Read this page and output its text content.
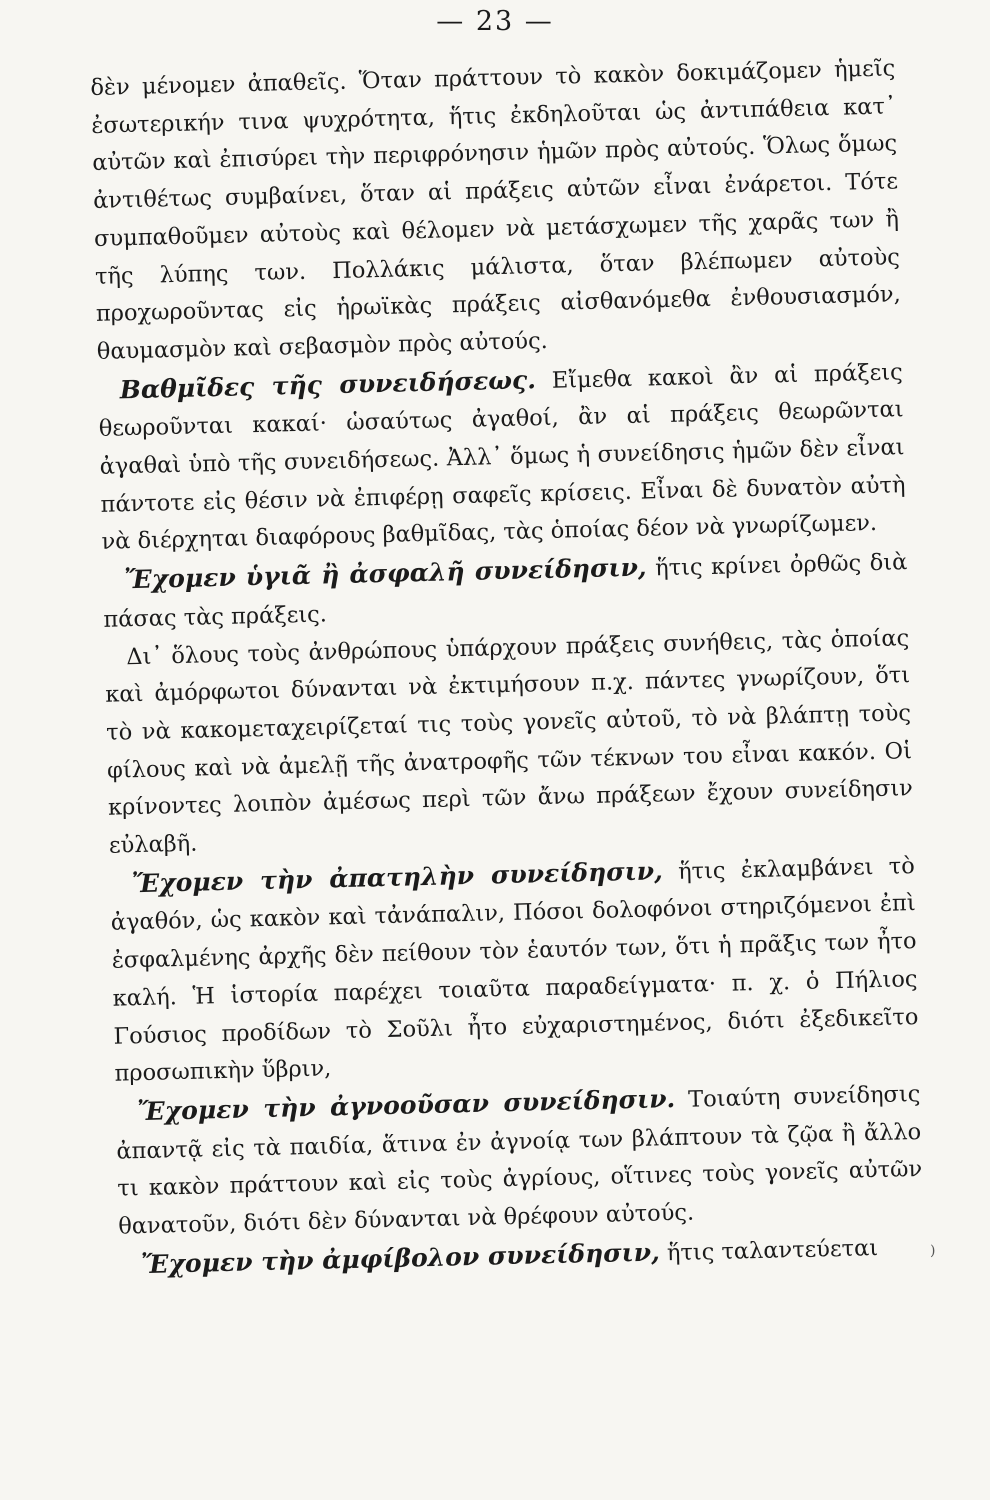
— 23 —

δὲν μένομεν ἀπαθεῖς. Ὅταν πράττουν τὸ κακὸν δοκιμάζομεν ἡμεῖς ἐσωτερικήν τινα ψυχρότητα, ἥτις ἐκδηλοῦται ὡς ἀντιπάθεια κατ᾽ αὐτῶν καὶ ἐπισύρει τὴν περιφρόνησιν ἡμῶν πρὸς αὐτούς. Ὅλως ὅμως ἀντιθέτως συμβαίνει, ὅταν αἱ πράξεις αὐτῶν εἶναι ἐνάρετοι. Τότε συμπαθοῦμεν αὐτοὺς καὶ θέλομεν νὰ μετάσχωμεν τῆς χαρᾶς των ἢ τῆς λύπης των. Πολλάκις μάλιστα, ὅταν βλέπωμεν αὐτοὺς προχωροῦντας εἰς ἡρωϊκὰς πράξεις αἰσθανόμεθα ἐνθουσιασμόν, θαυμασμὸν καὶ σεβασμὸν πρὸς αὐτούς.

Βαθμῖδες τῆς συνειδήσεως. Εἴμεθα κακοὶ ἂν αἱ πράξεις θεωροῦνται κακαί· ὡσαύτως ἀγαθοί, ἂν αἱ πράξεις θεωρῶνται ἀγαθαὶ ὑπὸ τῆς συνειδήσεως. Ἀλλ᾽ ὅμως ἡ συνείδησις ἡμῶν δὲν εἶναι πάντοτε εἰς θέσιν νὰ ἐπιφέρῃ σαφεῖς κρίσεις. Εἶναι δὲ δυνατὸν αὐτὴ νὰ διέρχηται διαφόρους βαθμῖδας, τὰς ὁποίας δέον νὰ γνωρίζωμεν.

Ἔχομεν ὑγιᾶ ἢ ἀσφαλῆ συνείδησιν, ἥτις κρίνει ὀρθῶς διὰ πάσας τὰς πράξεις.

Δι᾽ ὅλους τοὺς ἀνθρώπους ὑπάρχουν πράξεις συνήθεις, τὰς ὁποίας καὶ ἀμόρφωτοι δύνανται νὰ ἐκτιμήσουν π.χ. πάντες γνωρίζουν, ὅτι τὸ νὰ κακομεταχειρίζεταί τις τοὺς γονεῖς αὐτοῦ, τὸ νὰ βλάπτῃ τοὺς φίλους καὶ νὰ ἀμελῇ τῆς ἀνατροφῆς τῶν τέκνων του εἶναι κακόν. Οἱ κρίνοντες λοιπὸν ἀμέσως περὶ τῶν ἄνω πράξεων ἔχουν συνείδησιν εὐλαβῆ.

Ἔχομεν τὴν ἀπατηλὴν συνείδησιν, ἥτις ἐκλαμβάνει τὸ ἀγαθόν, ὡς κακὸν καὶ τἀνάπαλιν, Πόσοι δολοφόνοι στηριζόμενοι ἐπὶ ἐσφαλμένης ἀρχῆς δὲν πείθουν τὸν ἑαυτόν των, ὅτι ἡ πρᾶξις των ἦτο καλή. Ἡ ἱστορία παρέχει τοιαῦτα παραδείγματα· π. χ. ὁ Πήλιος Γούσιος προδίδων τὸ Σοῦλι ἦτο εὐχαριστημένος, διότι ἐξεδικεῖτο προσωπικὴν ὕβριν,

Ἔχομεν τὴν ἀγνοοῦσαν συνείδησιν. Τοιαύτη συνείδησις ἀπαντᾷ εἰς τὰ παιδία, ἅτινα ἐν ἀγνοίᾳ των βλάπτουν τὰ ζῷα ἢ ἄλλο τι κακὸν πράττουν καὶ εἰς τοὺς ἀγρίους, οἵτινες τοὺς γονεῖς αὐτῶν θανατοῦν, διότι δὲν δύνανται νὰ θρέφουν αὐτούς.

Ἔχομεν τὴν ἀμφίβολον συνείδησιν, ἥτις ταλαντεύεται	)
